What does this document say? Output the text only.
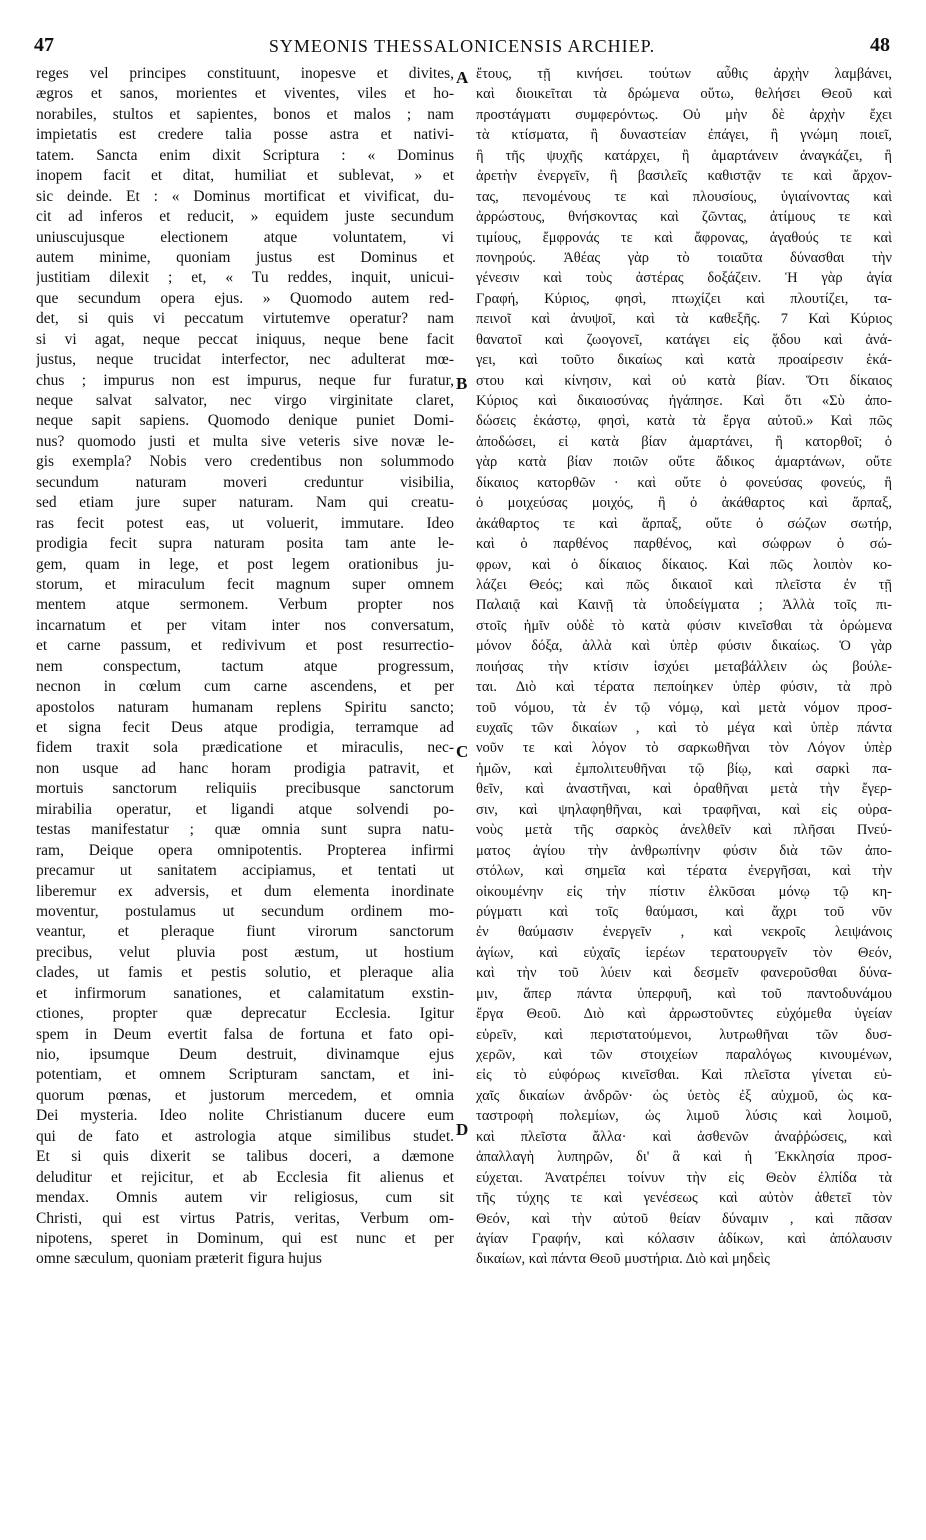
47	SYMEONIS THESSALONICENSIS ARCHIEP.	48
reges vel principes constituunt, inopesve et divites,
ægros et sanos, morientes et viventes, viles et ho-
norabiles, stultos et sapientes, bonos et malos ; nam
impietatis est credere talia posse astra et nativi-
tatem. Sancta enim dixit Scriptura : « Dominus
inopem facit et ditat, humiliat et sublevat, » et
sic deinde. Et : « Dominus mortificat et vivificat, du-
cit ad inferos et reducit, » equidem juste secundum
uniuscujusque electionem atque voluntatem, vi
autem minime, quoniam justus est Dominus et
justitiam dilexit ; et, « Tu reddes, inquit, unicui-
que secundum opera ejus. » Quomodo autem red-
det, si quis vi peccatum virtutemve operatur? nam
si vi agat, neque peccat iniquus, neque bene facit
justus, neque trucidat interfector, nec adulterat mœ-
chus ; impurus non est impurus, neque fur furatur,
neque salvat salvator, nec virgo virginitate claret,
neque sapit sapiens. Quomodo denique puniet Domi-
nus? quomodo justi et multa sive veteris sive novæ le-
gis exempla? Nobis vero credentibus non solummodo
secundum naturam moveri creduntur visibilia,
sed etiam jure super naturam. Nam qui creatu-
ras fecit potest eas, ut voluerit, immutare. Ideo
prodigia fecit supra naturam posita tam ante le-
gem, quam in lege, et post legem orationibus ju-
storum, et miraculum fecit magnum super omnem
mentem atque sermonem. Verbum propter nos
incarnatum et per vitam inter nos conversatum,
et carne passum, et redivivum et post resurrectio-
nem conspectum, tactum atque progressum,
necnon in cœlum cum carne ascendens, et per
apostolos naturam humanam replens Spiritu sancto;
et signa fecit Deus atque prodigia, terramque ad
fidem traxit sola prædicatione et miraculis, nec-
non usque ad hanc horam prodigia patravit, et
mortuis sanctorum reliquiis precibusque sanctorum
mirabilia operatur, et ligandi atque solvendi po-
testas manifestatur ; quæ omnia sunt supra natu-
ram, Deique opera omnipotentis. Propterea infirmi
precamur ut sanitatem accipiamus, et tentati ut
liberemur ex adversis, et dum elementa inordinate
moventur, postulamus ut secundum ordinem mo-
veantur, et pleraque fiunt virorum sanctorum
precibus, velut pluvia post æstum, ut hostium
clades, ut famis et pestis solutio, et pleraque alia
et infirmorum sanationes, et calamitatum exstin-
ctiones, propter quæ deprecatur Ecclesia. Igitur
spem in Deum evertit falsa de fortuna et fato opi-
nio, ipsumque Deum destruit, divinamque ejus
potentiam, et omnem Scripturam sanctam, et ini-
quorum pœnas, et justorum mercedem, et omnia
Dei mysteria. Ideo nolite Christianum ducere eum
qui de fato et astrologia atque similibus studet.
Et si quis dixerit se talibus doceri, a dæmone
deluditur et rejicitur, et ab Ecclesia fit alienus et
mendax. Omnis autem vir religiosus, cum sit
Christi, qui est virtus Patris, veritas, Verbum om-
nipotens, speret in Dominum, qui est nunc et per
omne sæculum, quoniam præterit figura hujus
ἔτους, τῇ κινήσει. τούτων αὖθις ἀρχὴν λαμβάνει,
καὶ διοικεῖται τὰ δρώμενα οὕτω, θελήσει Θεοῦ καὶ
προστάγματι συμφερόντως. Οὐ μὴν δὲ ἀρχὴν ἔχει
τὰ κτίσματα, ἢ δυναστείαν ἐπάγει, ἢ γνώμη ποιεῖ,
ἢ τῆς ψυχῆς κατάρχει, ἢ ἁμαρτάνειν ἀναγκάζει, ἢ
ἀρετὴν ἐνεργεῖν, ἢ βασιλεῖς καθιστᾷν τε καὶ ἄρχον-
τας, πενομένους τε καὶ πλουσίους, ὑγιαίνοντας καὶ
ἀρρώστους, θνήσκοντας καὶ ζῶντας, ἀτίμους τε καὶ
τιμίους, ἔμφρονάς τε καὶ ἄφρονας, ἀγαθούς τε καὶ
πονηρούς. Ἀθέας γὰρ τὸ τοιαῦτα δύνασθαι τὴν
γένεσιν καὶ τοὺς ἀστέρας δοξάζειν. Ἡ γὰρ ἁγία
Γραφή, Κύριος, φησὶ, πτωχίζει καὶ πλουτίζει, τα-
πεινοῖ καὶ ἀνυψοῖ, καὶ τὰ καθεξῆς. 7 Καὶ Κύριος
θανατοῖ καὶ ζωογονεῖ, κατάγει εἰς ᾅδου καὶ ἀνά-
γει, καὶ τοῦτο δικαίως καὶ κατὰ προαίρεσιν ἑκά-
στου καὶ κίνησιν, καὶ οὐ κατὰ βίαν. Ὅτι δίκαιος
Κύριος καὶ δικαιοσύνας ἠγάπησε. Καὶ ὅτι «Σὺ ἀπο-
δώσεις ἑκάστῳ, φησὶ, κατὰ τὰ ἔργα αὐτοῦ.» Καὶ πῶς
ἀποδώσει, εἰ κατὰ βίαν ἁμαρτάνει, ἢ κατορθοῖ; ὁ
γὰρ κατὰ βίαν ποιῶν οὔτε ἄδικος ἁμαρτάνων, οὔτε
δίκαιος κατορθῶν · καὶ οὔτε ὁ φονεύσας φονεύς, ἢ
ὁ μοιχεύσας μοιχός, ἢ ὁ ἀκάθαρτος καὶ ἅρπαξ,
ἀκάθαρτος τε καὶ ἅρπαξ, οὔτε ὁ σώζων σωτήρ,
καὶ ὁ παρθένος παρθένος, καὶ σώφρων ὁ σώ-
φρων, καὶ ὁ δίκαιος δίκαιος. Καὶ πῶς λοιπὸν κο-
λάζει Θεός; καὶ πῶς δικαιοῖ καὶ πλεῖστα ἐν τῇ
Παλαιᾷ καὶ Καινῇ τὰ ὑποδείγματα ; Ἀλλὰ τοῖς πι-
στοῖς ἡμῖν οὐδὲ τὸ κατὰ φύσιν κινεῖσθαι τὰ ὁρώμενα
μόνον δόξα, ἀλλὰ καὶ ὑπὲρ φύσιν δικαίως. Ὁ γὰρ
ποιήσας τὴν κτίσιν ἰσχύει μεταβάλλειν ὡς βούλε-
ται. Διὸ καὶ τέρατα πεποίηκεν ὑπὲρ φύσιν, τὰ πρὸ
τοῦ νόμου, τὰ ἐν τῷ νόμῳ, καὶ μετὰ νόμον προσ-
ευχαῖς τῶν δικαίων , καὶ τὸ μέγα καὶ ὑπὲρ πάντα
νοῦν τε καὶ λόγον τὸ σαρκωθῆναι τὸν Λόγον ὑπὲρ
ἡμῶν, καὶ ἐμπολιτευθῆναι τῷ βίῳ, καὶ σαρκὶ πα-
θεῖν, καὶ ἀναστῆναι, καὶ ὁραθῆναι μετὰ τὴν ἔγερ-
σιν, καὶ ψηλαφηθῆναι, καὶ τραφῆναι, καὶ εἰς οὐρα-
νοὺς μετὰ τῆς σαρκὸς ἀνελθεῖν καὶ πλῆσαι Πνεύ-
ματος ἁγίου τὴν ἀνθρωπίνην φύσιν διὰ τῶν ἀπο-
στόλων, καὶ σημεῖα καὶ τέρατα ἐνεργῆσαι, καὶ τὴν
οἰκουμένην εἰς τὴν πίστιν ἑλκῦσαι μόνῳ τῷ κη-
ρύγματι καὶ τοῖς θαύμασι, καὶ ἄχρι τοῦ νῦν
ἐν θαύμασιν ἐνεργεῖν , καὶ νεκροῖς λειψάνοις
ἁγίων, καὶ εὐχαῖς ἱερέων τερατουργεῖν τὸν Θεόν,
καὶ τὴν τοῦ λύειν καὶ δεσμεῖν φανεροῦσθαι δύνα-
μιν, ἅπερ πάντα ὑπερφυῆ, καὶ τοῦ παντοδυνάμου
ἔργα Θεοῦ. Διὸ καὶ ἀρρωστοῦντες εὐχόμεθα ὑγείαν
εὑρεῖν, καὶ περιστατούμενοι, λυτρωθῆναι τῶν δυσ-
χερῶν, καὶ τῶν στοιχείων παραλόγως κινουμένων,
εἰς τὸ εὐφόρως κινεῖσθαι. Καὶ πλεῖστα γίνεται εὐ-
χαῖς δικαίων ἀνδρῶν· ὡς ὑετὸς ἐξ αὐχμοῦ, ὡς κα-
ταστροφὴ πολεμίων, ὡς λιμοῦ λύσις καὶ λοιμοῦ,
καὶ πλεῖστα ἄλλα· καὶ ἀσθενῶν ἀναῤῥώσεις, καὶ
ἀπαλλαγὴ λυπηρῶν, δι' ἃ καὶ ἡ Ἐκκλησία προσ-
εύχεται. Ἀνατρέπει τοίνυν τὴν εἰς Θεὸν ἐλπίδα τὰ
τῆς τύχης τε καὶ γενέσεως καὶ αὐτὸν ἀθετεῖ τὸν
Θεόν, καὶ τὴν αὐτοῦ θείαν δύναμιν , καὶ πᾶσαν
ἁγίαν Γραφήν, καὶ κόλασιν ἀδίκων, καὶ ἀπόλαυσιν
δικαίων, καὶ πάντα Θεοῦ μυστήρια. Διὸ καὶ μηδεὶς
A
B
C
D
